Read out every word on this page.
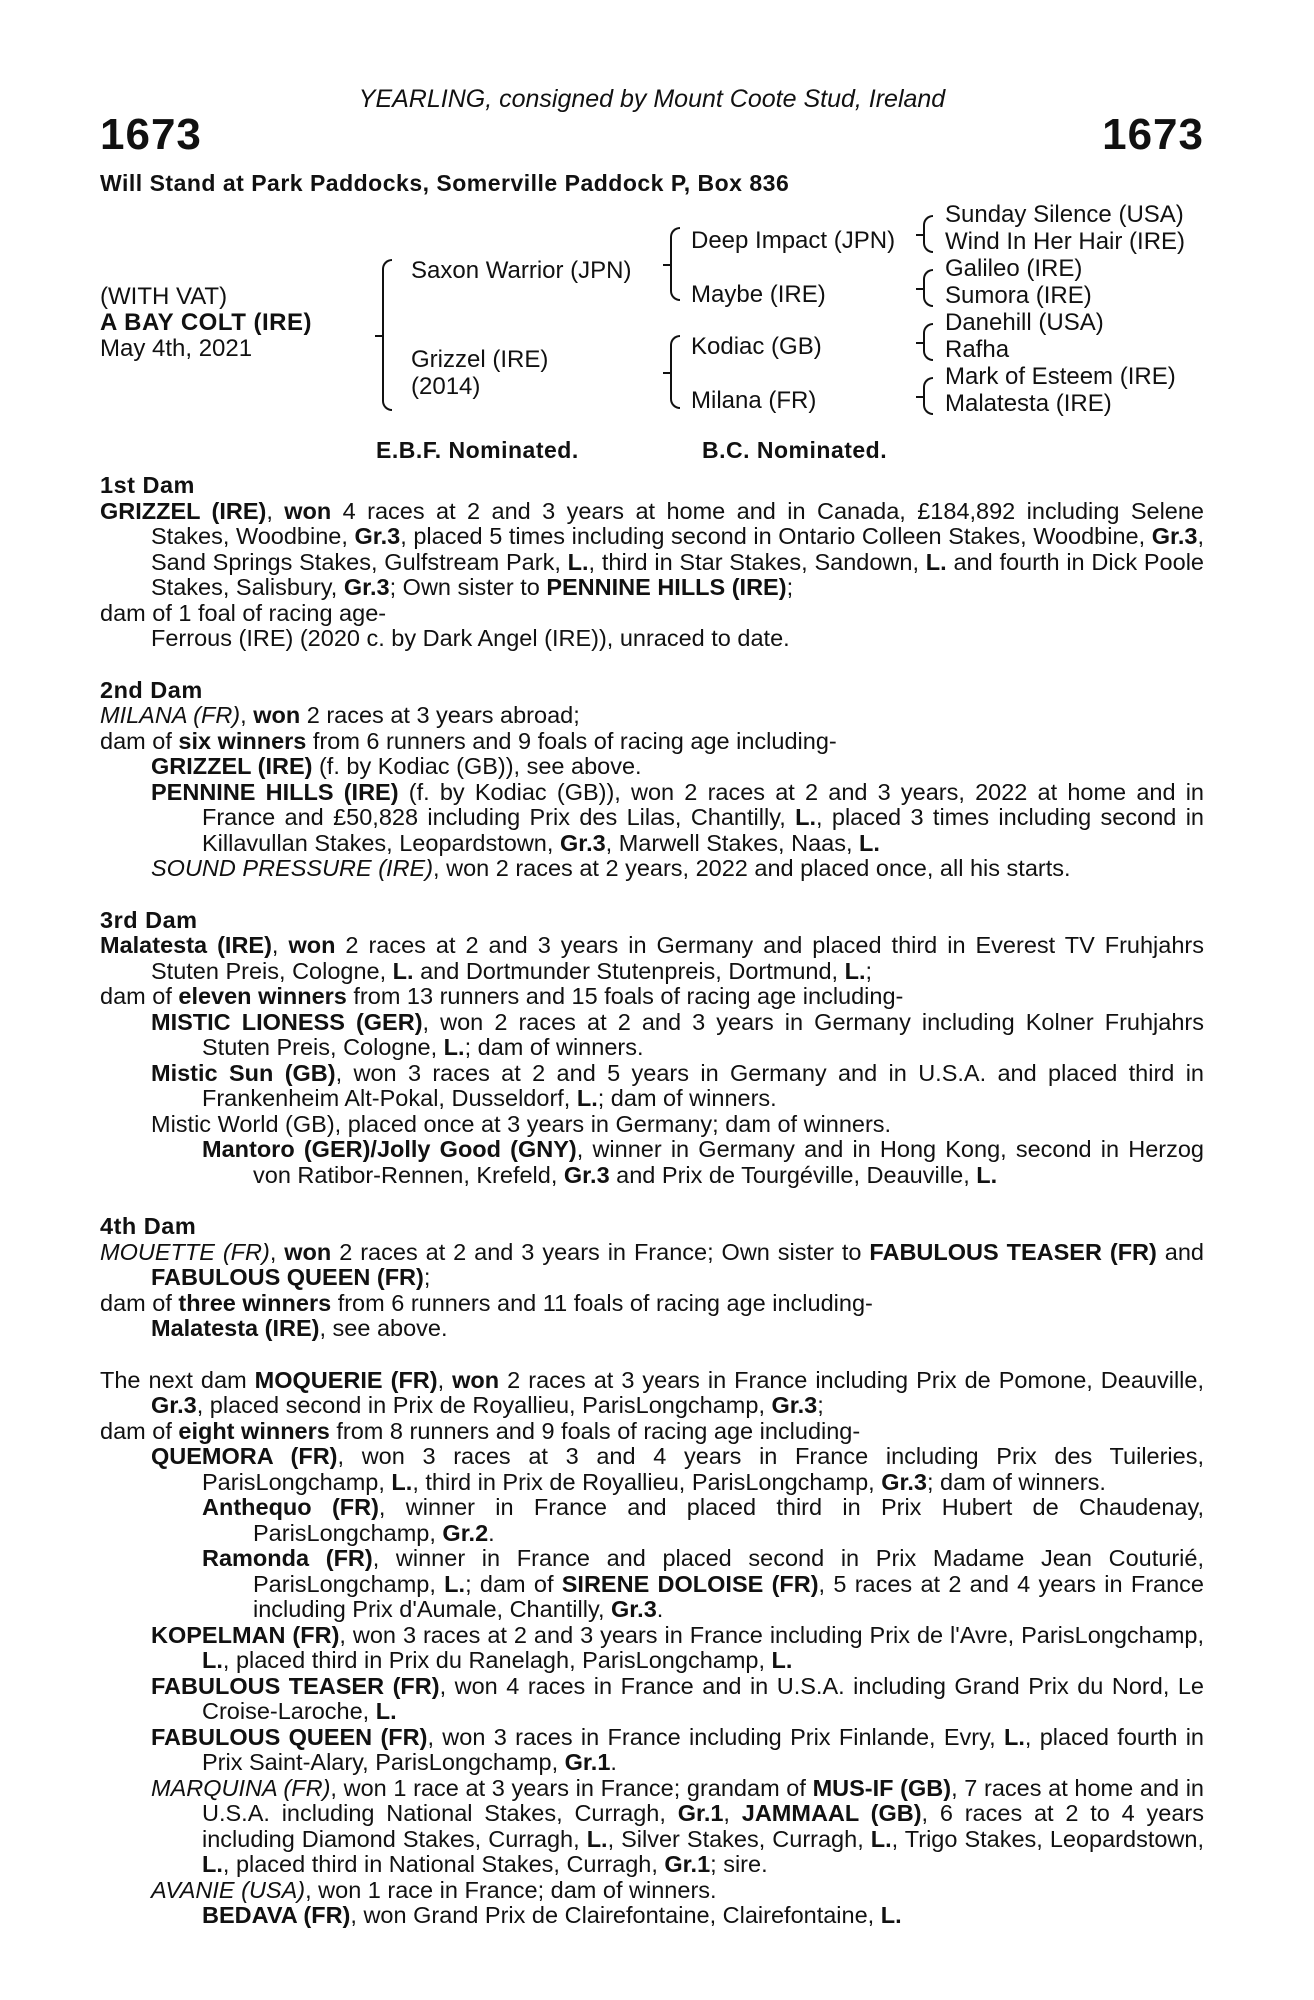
YEARLING, consigned by Mount Coote Stud, Ireland

1673	1673

Will Stand at Park Paddocks, Somerville Paddock P, Box 836

(WITH VAT)
A BAY COLT (IRE)
May 4th, 2021
Saxon Warrior (JPN)
Grizzel (IRE)
(2014)
Deep Impact (JPN)
Maybe (IRE)
Kodiac (GB)
Milana (FR)
Sunday Silence (USA)
Wind In Her Hair (IRE)
Galileo (IRE)
Sumora (IRE)
Danehill (USA)
Rafha
Mark of Esteem (IRE)
Malatesta (IRE)
E.B.F. Nominated.	B.C. Nominated.

1st Dam

GRIZZEL (IRE), won 4 races at 2 and 3 years at home and in Canada, £184,892 including Selene Stakes, Woodbine, Gr.3, placed 5 times including second in Ontario Colleen Stakes, Woodbine, Gr.3, Sand Springs Stakes, Gulfstream Park, L., third in Star Stakes, Sandown, L. and fourth in Dick Poole Stakes, Salisbury, Gr.3; Own sister to PENNINE HILLS (IRE);

dam of 1 foal of racing age-

Ferrous (IRE) (2020 c. by Dark Angel (IRE)), unraced to date.

2nd Dam

MILANA (FR), won 2 races at 3 years abroad;

dam of six winners from 6 runners and 9 foals of racing age including-

GRIZZEL (IRE) (f. by Kodiac (GB)), see above.

PENNINE HILLS (IRE) (f. by Kodiac (GB)), won 2 races at 2 and 3 years, 2022 at home and in France and £50,828 including Prix des Lilas, Chantilly, L., placed 3 times including second in Killavullan Stakes, Leopardstown, Gr.3, Marwell Stakes, Naas, L.

SOUND PRESSURE (IRE), won 2 races at 2 years, 2022 and placed once, all his starts.

3rd Dam

Malatesta (IRE), won 2 races at 2 and 3 years in Germany and placed third in Everest TV Fruhjahrs Stuten Preis, Cologne, L. and Dortmunder Stutenpreis, Dortmund, L.;

dam of eleven winners from 13 runners and 15 foals of racing age including-

MISTIC LIONESS (GER), won 2 races at 2 and 3 years in Germany including Kolner Fruhjahrs Stuten Preis, Cologne, L.; dam of winners.

Mistic Sun (GB), won 3 races at 2 and 5 years in Germany and in U.S.A. and placed third in Frankenheim Alt-Pokal, Dusseldorf, L.; dam of winners.

Mistic World (GB), placed once at 3 years in Germany; dam of winners.

Mantoro (GER)/Jolly Good (GNY), winner in Germany and in Hong Kong, second in Herzog von Ratibor-Rennen, Krefeld, Gr.3 and Prix de Tourgéville, Deauville, L.

4th Dam

MOUETTE (FR), won 2 races at 2 and 3 years in France; Own sister to FABULOUS TEASER (FR) and FABULOUS QUEEN (FR);

dam of three winners from 6 runners and 11 foals of racing age including-

Malatesta (IRE), see above.

The next dam MOQUERIE (FR), won 2 races at 3 years in France including Prix de Pomone, Deauville, Gr.3, placed second in Prix de Royallieu, ParisLongchamp, Gr.3;

dam of eight winners from 8 runners and 9 foals of racing age including-

QUEMORA (FR), won 3 races at 3 and 4 years in France including Prix des Tuileries, ParisLongchamp, L., third in Prix de Royallieu, ParisLongchamp, Gr.3; dam of winners.

Anthequo (FR), winner in France and placed third in Prix Hubert de Chaudenay, ParisLongchamp, Gr.2.

Ramonda (FR), winner in France and placed second in Prix Madame Jean Couturié, ParisLongchamp, L.; dam of SIRENE DOLOISE (FR), 5 races at 2 and 4 years in France including Prix d'Aumale, Chantilly, Gr.3.

KOPELMAN (FR), won 3 races at 2 and 3 years in France including Prix de l'Avre, ParisLongchamp, L., placed third in Prix du Ranelagh, ParisLongchamp, L.

FABULOUS TEASER (FR), won 4 races in France and in U.S.A. including Grand Prix du Nord, Le Croise-Laroche, L.

FABULOUS QUEEN (FR), won 3 races in France including Prix Finlande, Evry, L., placed fourth in Prix Saint-Alary, ParisLongchamp, Gr.1.

MARQUINA (FR), won 1 race at 3 years in France; grandam of MUS-IF (GB), 7 races at home and in U.S.A. including National Stakes, Curragh, Gr.1, JAMMAAL (GB), 6 races at 2 to 4 years including Diamond Stakes, Curragh, L., Silver Stakes, Curragh, L., Trigo Stakes, Leopardstown, L., placed third in National Stakes, Curragh, Gr.1; sire.

AVANIE (USA), won 1 race in France; dam of winners.

BEDAVA (FR), won Grand Prix de Clairefontaine, Clairefontaine, L.
